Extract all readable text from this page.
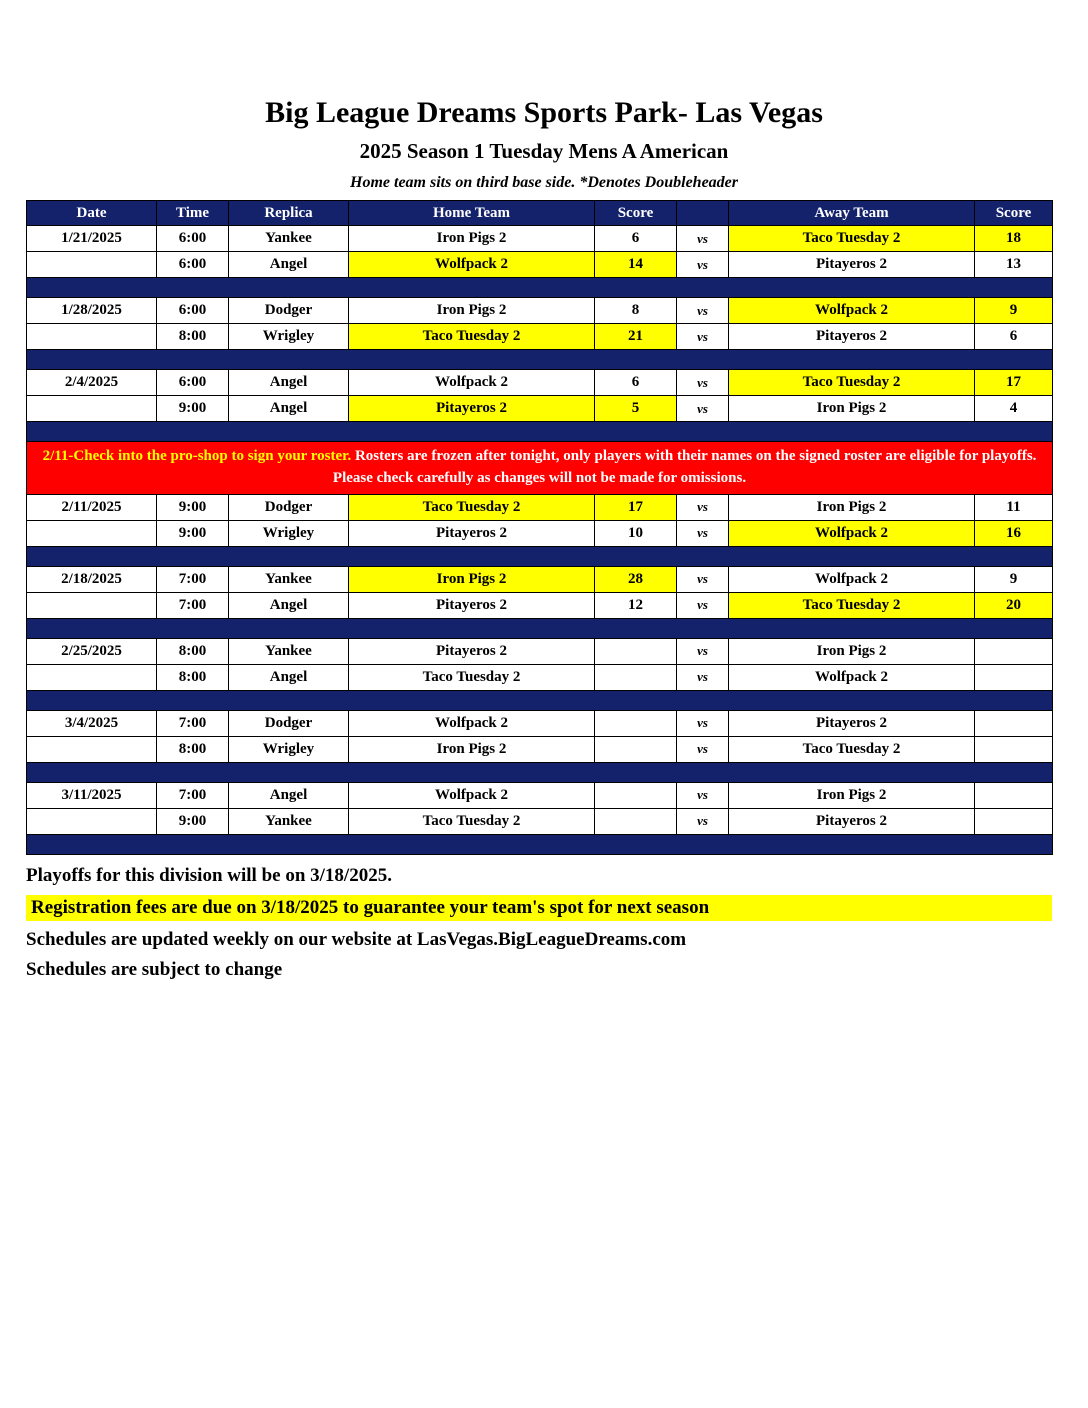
Big League Dreams Sports Park- Las Vegas
2025 Season 1 Tuesday Mens A American

Home team sits on third base side. *Denotes Doubleheader

Date	Time	Replica	Home Team	Score		Away Team	Score
1/21/2025	6:00	Yankee	Iron Pigs 2	6	vs	Taco Tuesday 2	18
	6:00	Angel	Wolfpack 2	14	vs	Pitayeros 2	13

1/28/2025	6:00	Dodger	Iron Pigs 2	8	vs	Wolfpack 2	9
	8:00	Wrigley	Taco Tuesday 2	21	vs	Pitayeros 2	6

2/4/2025	6:00	Angel	Wolfpack 2	6	vs	Taco Tuesday 2	17
	9:00	Angel	Pitayeros 2	5	vs	Iron Pigs 2	4

2/11-Check into the pro-shop to sign your roster. Rosters are frozen after tonight, only players with their names on the signed roster are eligible for playoffs. Please check carefully as changes will not be made for omissions.							
2/11/2025	9:00	Dodger	Taco Tuesday 2	17	vs	Iron Pigs 2	11
	9:00	Wrigley	Pitayeros 2	10	vs	Wolfpack 2	16

2/18/2025	7:00	Yankee	Iron Pigs 2	28	vs	Wolfpack 2	9
	7:00	Angel	Pitayeros 2	12	vs	Taco Tuesday 2	20

2/25/2025	8:00	Yankee	Pitayeros 2		vs	Iron Pigs 2	
	8:00	Angel	Taco Tuesday 2		vs	Wolfpack 2	

3/4/2025	7:00	Dodger	Wolfpack 2		vs	Pitayeros 2	
	8:00	Wrigley	Iron Pigs 2		vs	Taco Tuesday 2	

3/11/2025	7:00	Angel	Wolfpack 2		vs	Iron Pigs 2	
	9:00	Yankee	Taco Tuesday 2		vs	Pitayeros 2	

Playoffs for this division will be on 3/18/2025.

Registration fees are due on 3/18/2025 to guarantee your team's spot for next season

Schedules are updated weekly on our website at LasVegas.BigLeagueDreams.com

Schedules are subject to change
